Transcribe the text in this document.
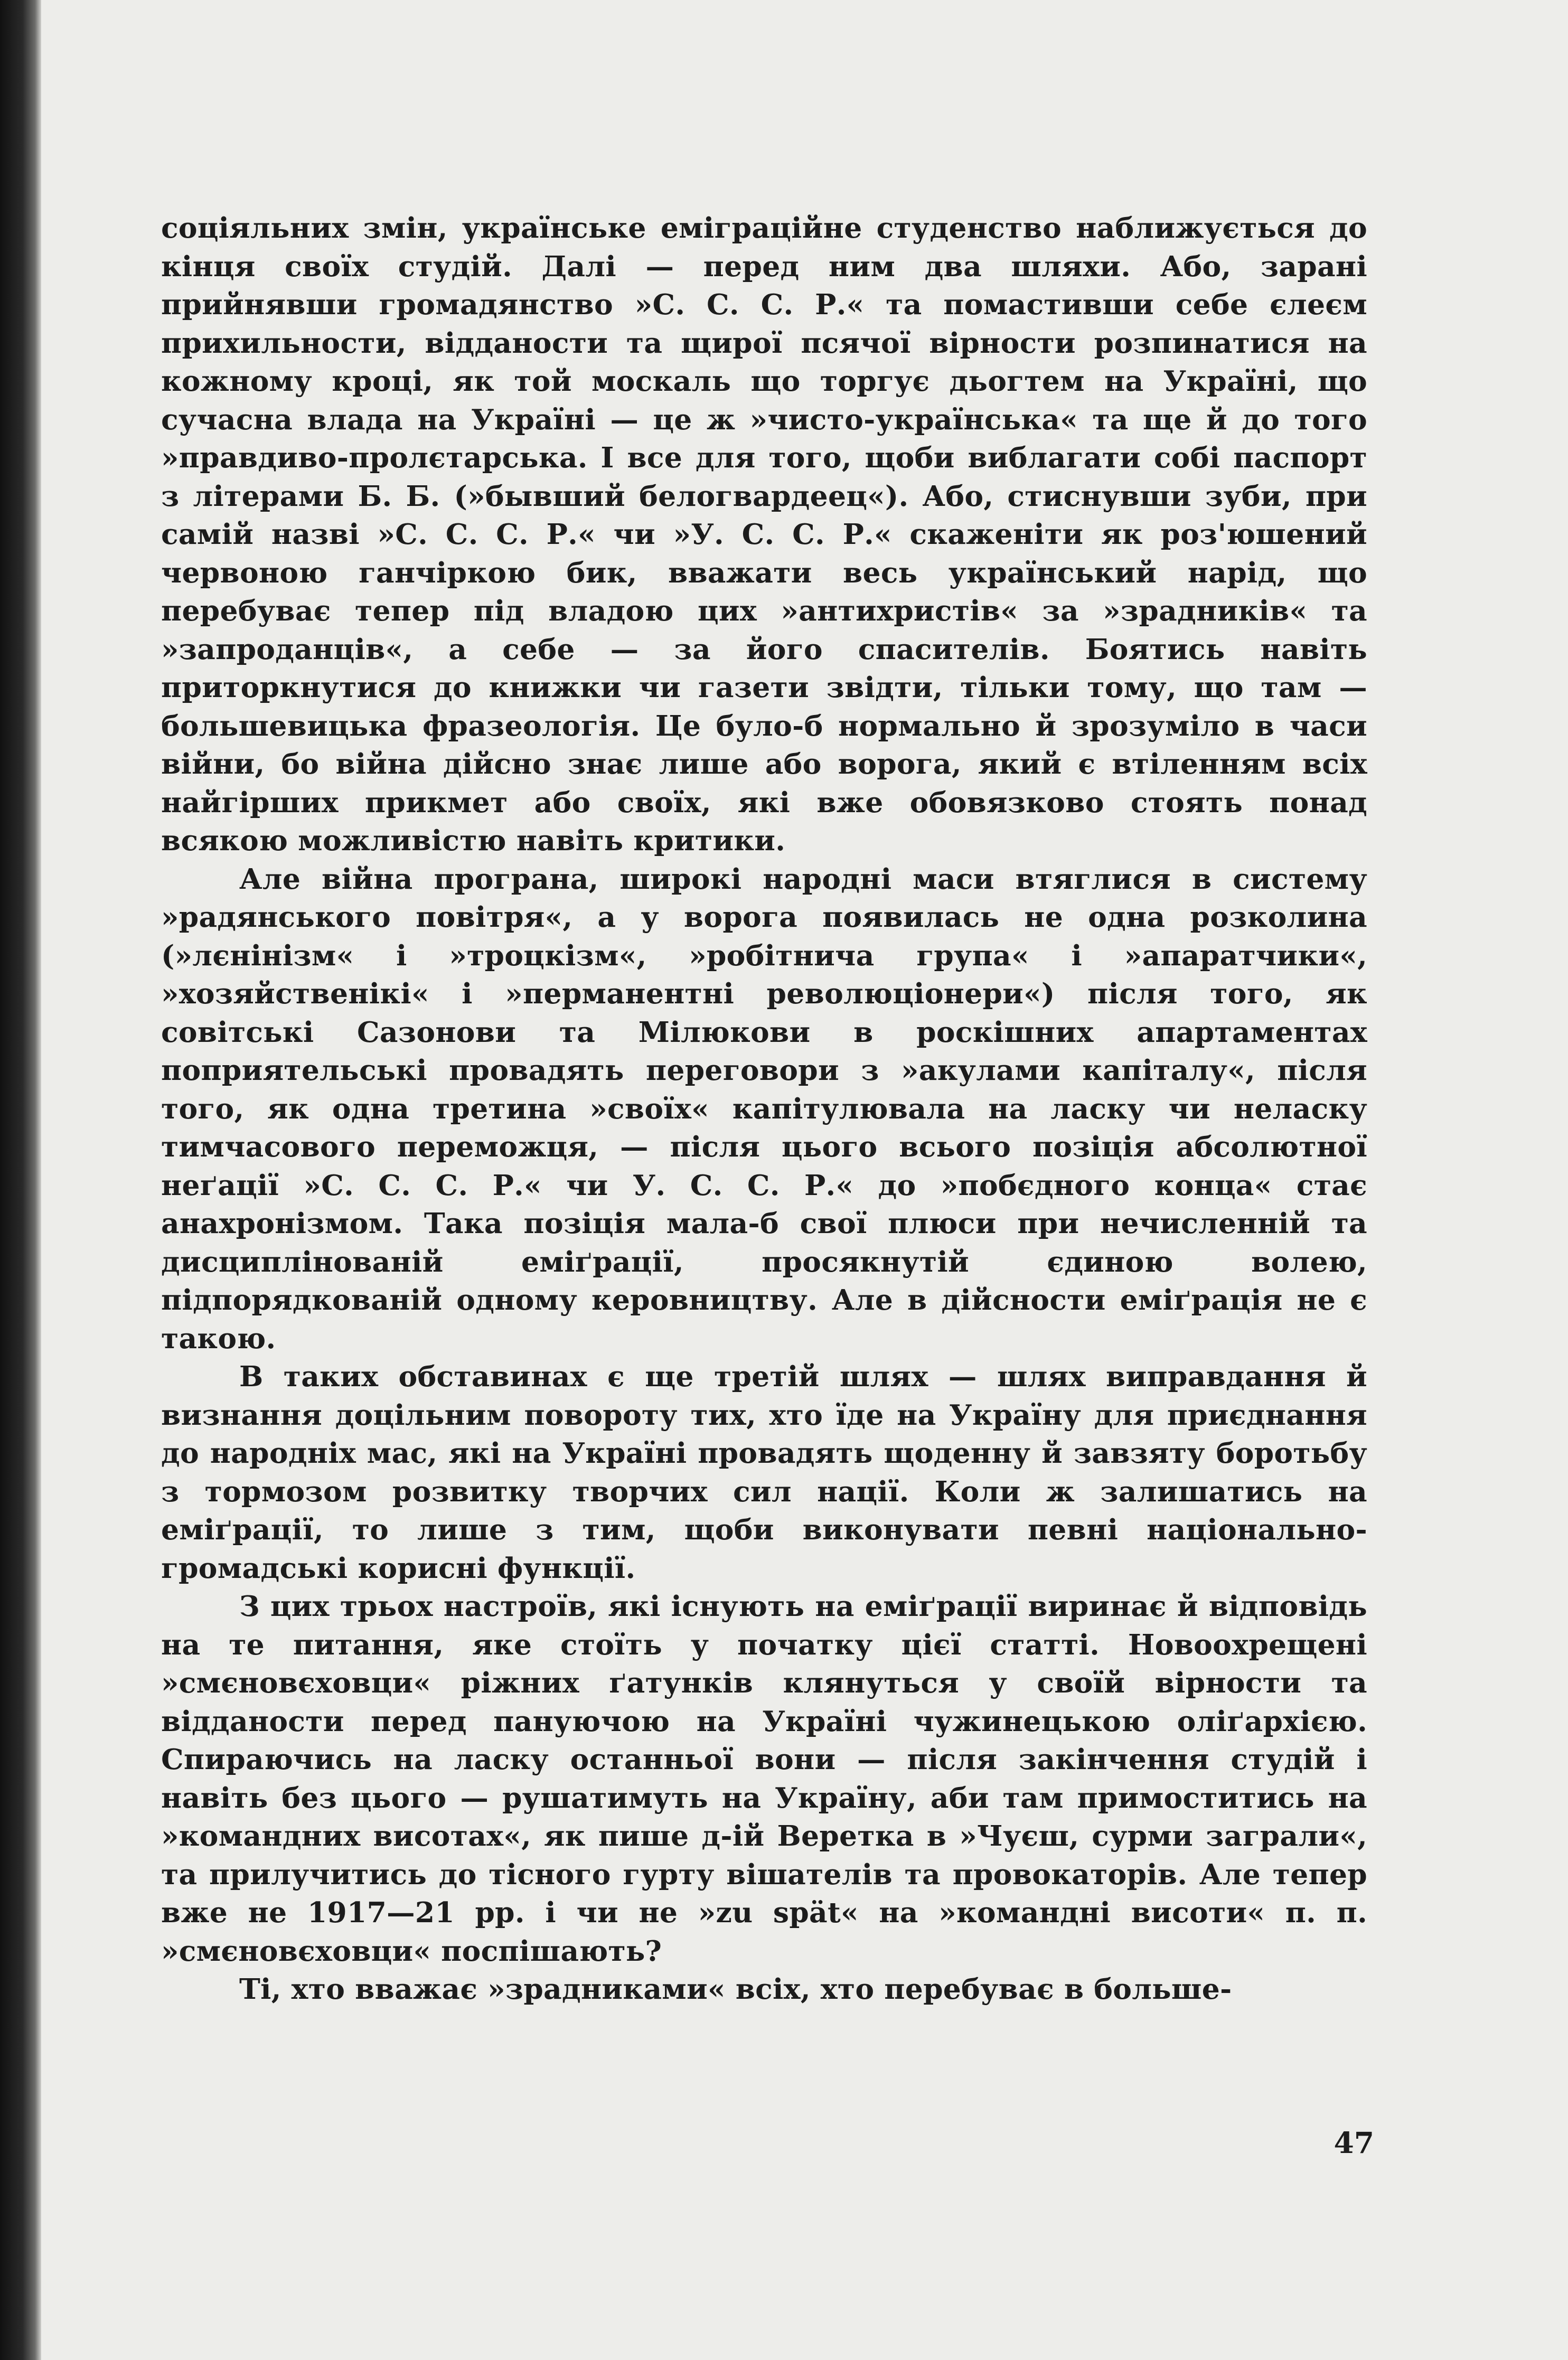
соціяльних змін, українське еміграційне студенство наближується до кінця своїх студій. Далі — перед ним два шляхи. Або, зарані прийнявши громадянство »С. С. С. Р.« та помастивши себе єлеєм прихильности, відданости та щирої псячої вірности розпинатися на кожному кроці, як той москаль що торгує дьогтем на Україні, що сучасна влада на Україні — це ж »чисто-українська« та ще й до того »правдиво-пролєтарська. І все для того, щоби виблагати собі паспорт з літерами Б. Б. (»бывший белогвардеец«). Або, стиснувши зуби, при самій назві »С. С. С. Р.« чи »У. С. С. Р.« скаженіти як роз'юшений червоною ганчіркою бик, вважати весь український нарід, що перебуває тепер під владою цих »антихристів« за »зрадників« та »запроданців«, а себе — за його спасителів. Боятись навіть приторкнутися до книжки чи газети звідти, тільки тому, що там — большевицька фразеологія. Це було-б нормально й зрозуміло в часи війни, бо війна дійсно знає лише або ворога, який є втіленням всіх найгірших прикмет або своїх, які вже обовязково стоять понад всякою можливістю навіть критики.

Але війна програна, широкі народні маси втяглися в систему »радянського повітря«, а у ворога появилась не одна розколина (»лєнінізм« і »троцкізм«, »робітнича група« і »апаратчики«, »хозяйственікі« і »перманентні революціонери«) після того, як совітські Сазонови та Мілюкови в роскішних апартаментах поприятельські провадять переговори з »акулами капіталу«, після того, як одна третина »своїх« капітулювала на ласку чи неласку тимчасового переможця, — після цього всього позіція абсолютної неґації »С. С. С. Р.« чи У. С. С. Р.« до »побєдного конца« стає анахронізмом. Така позіція мала-б свої плюси при нечисленній та дисциплінованій еміґрації, просякнутій єдиною волею, підпорядкованій одному керовництву. Але в дійсности еміґрація не є такою.

В таких обставинах є ще третій шлях — шлях виправдання й визнання доцільним повороту тих, хто їде на Україну для приєднання до народніх мас, які на Україні провадять щоденну й завзяту боротьбу з тормозом розвитку творчих сил нації. Коли ж залишатись на еміґрації, то лише з тим, щоби виконувати певні національно-громадські корисні функції.

З цих трьох настроїв, які існують на еміґрації виринає й відповідь на те питання, яке стоїть у початку цієї статті. Новоохрещені »смєновєховци« ріжних ґатунків клянуться у своїй вірности та відданости перед пануючою на Україні чужинецькою оліґархією. Спираючись на ласку останньої вони — після закінчення студій і навіть без цього — рушатимуть на Україну, аби там примоститись на »командних висотах«, як пише д-ій Веретка в »Чуєш, сурми заграли«, та прилучитись до тісного гурту вішателів та провокаторів. Але тепер вже не 1917—21 рр. і чи не »zu spät« на »командні висоти« п. п. »смєновєховци« поспішають?

Ті, хто вважає »зрадниками« всіх, хто перебуває в больше-

47
